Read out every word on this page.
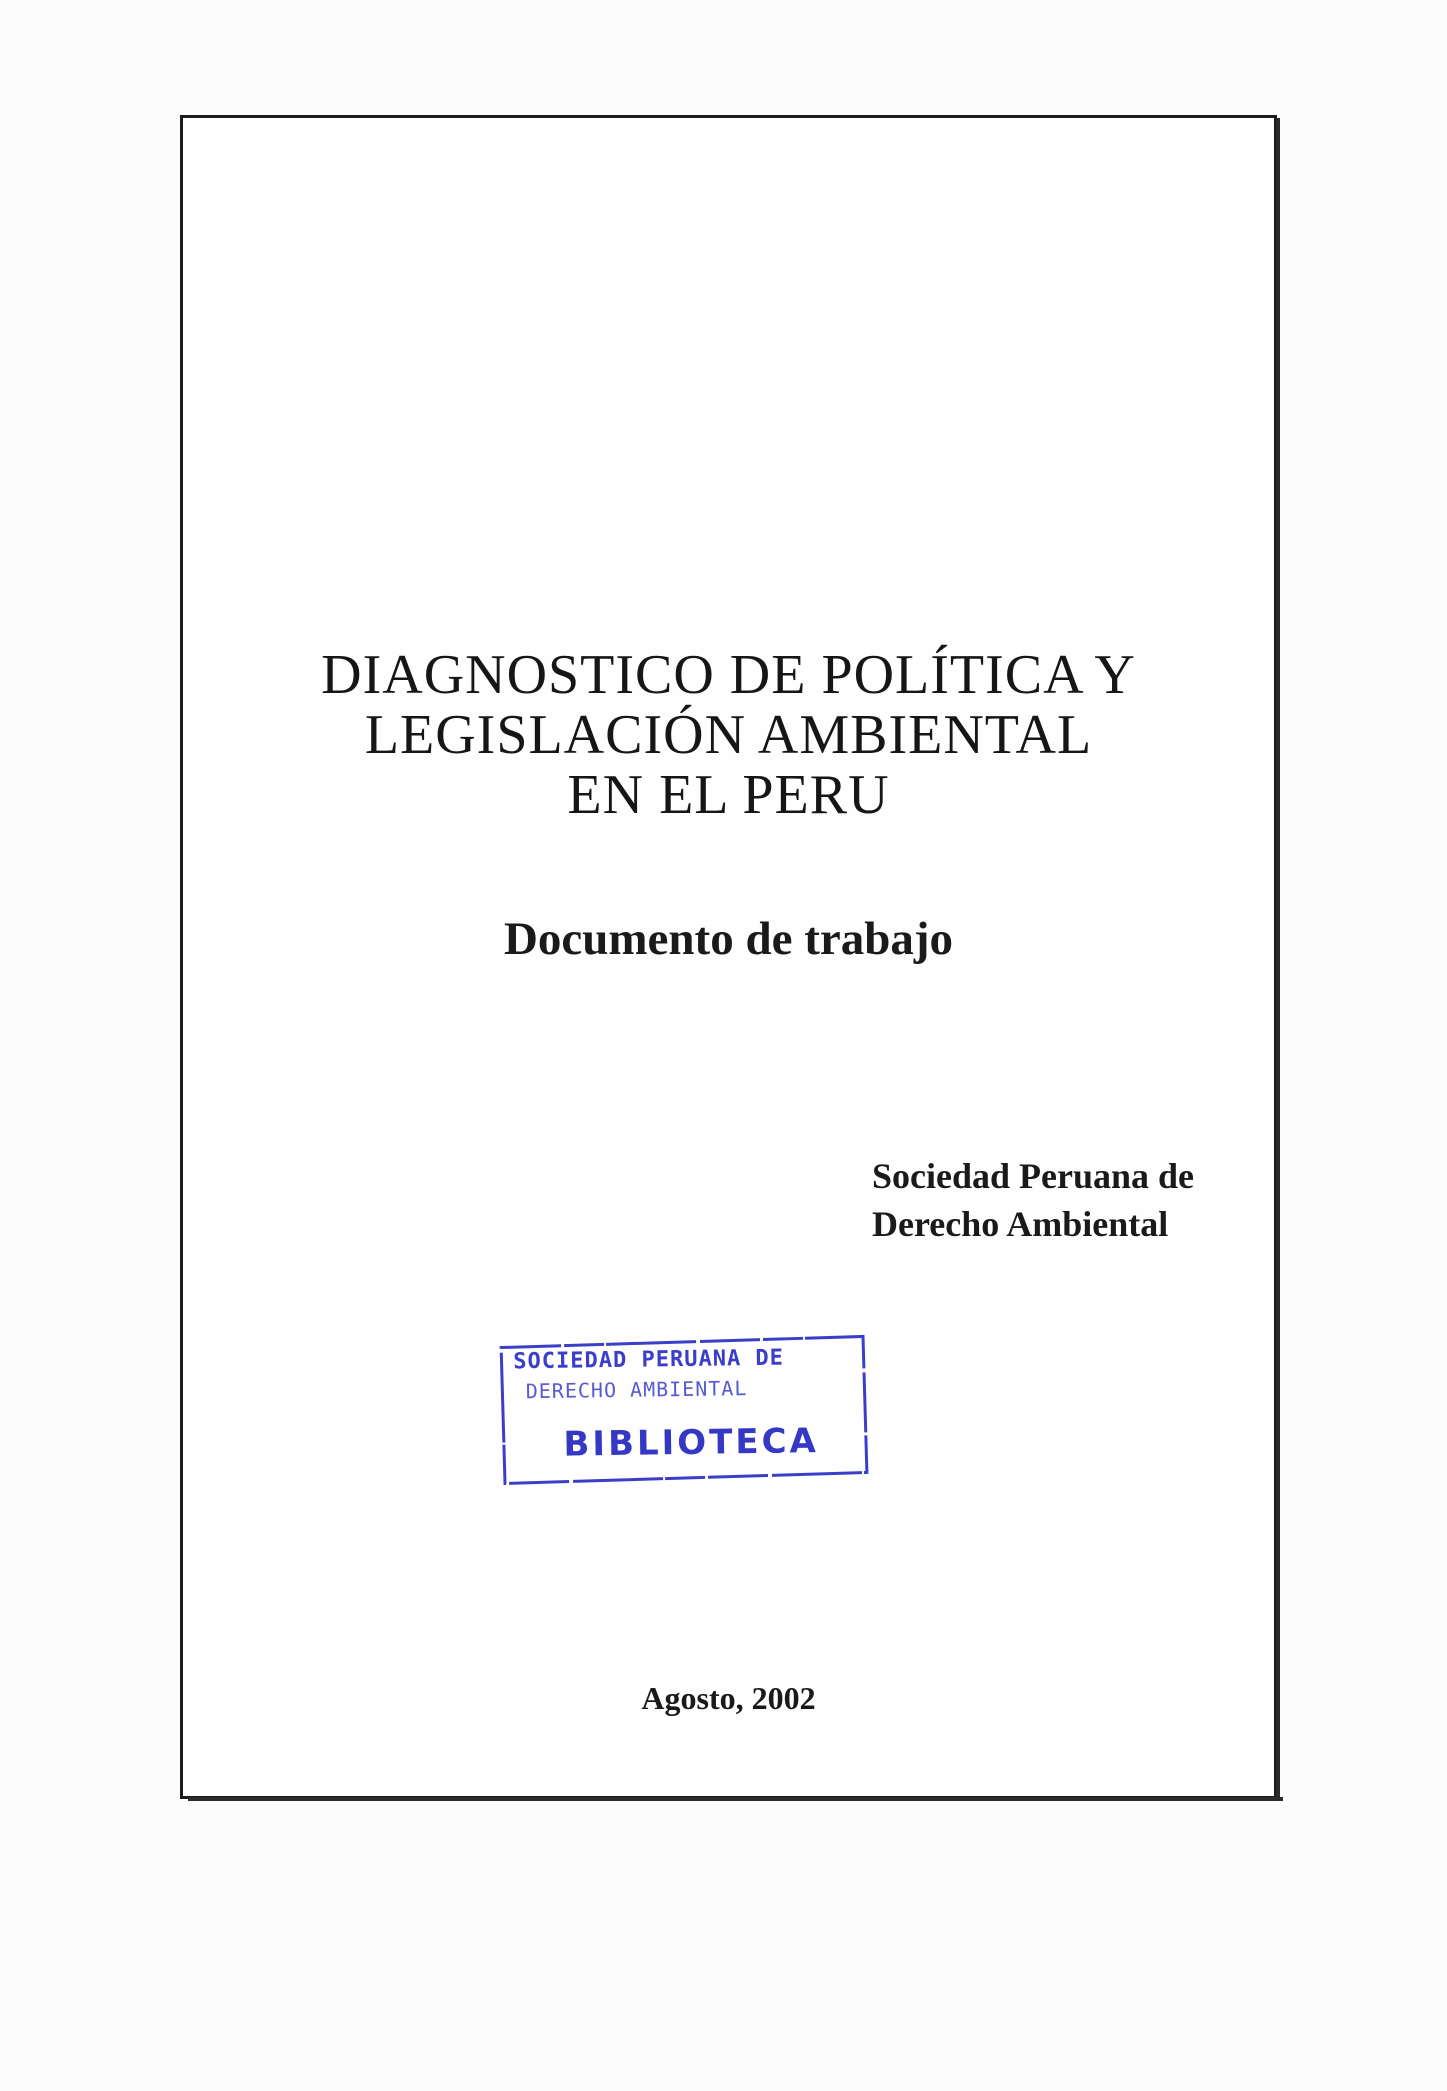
DIAGNOSTICO DE POLÍTICA Y
LEGISLACIÓN AMBIENTAL
EN EL PERU
Documento de trabajo
Sociedad Peruana de
Derecho Ambiental
SOCIEDAD PERUANA DE
DERECHO AMBIENTAL
BIBLIOTECA
Agosto, 2002
